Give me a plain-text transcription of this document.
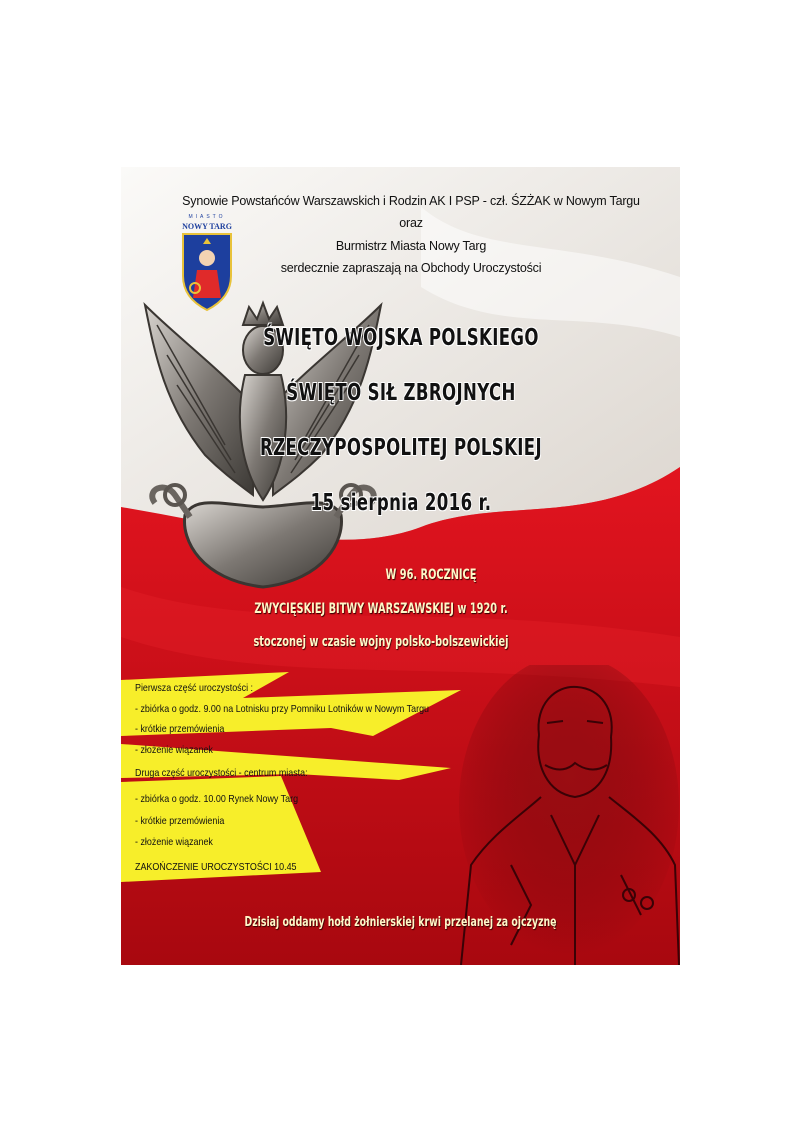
MIASTO
NOWY TARG
Synowie Powstańców Warszawskich i Rodzin AK I PSP - czł. ŚZŻAK w Nowym Targu
oraz
Burmistrz Miasta Nowy Targ
serdecznie zapraszają na Obchody Uroczystości
ŚWIĘTO WOJSKA POLSKIEGO
ŚWIĘTO SIŁ ZBROJNYCH
RZECZYPOSPOLITEJ POLSKIEJ
15 sierpnia 2016 r.
W 96. ROCZNICĘ
ZWYCIĘSKIEJ BITWY WARSZAWSKIEJ w 1920 r.
stoczonej w czasie wojny polsko-bolszewickiej
Pierwsza część uroczystości :
- zbiórka o godz. 9.00 na Lotnisku przy Pomniku Lotników w Nowym Targu
- krótkie przemówienia
- złożenie wiązanek
Druga część uroczystości - centrum miasta:
- zbiórka o godz. 10.00 Rynek Nowy Targ
- krótkie przemówienia
- złożenie wiązanek
ZAKOŃCZENIE UROCZYSTOŚCI 10.45
Dzisiaj oddamy hołd żołnierskiej krwi przelanej za ojczyznę
